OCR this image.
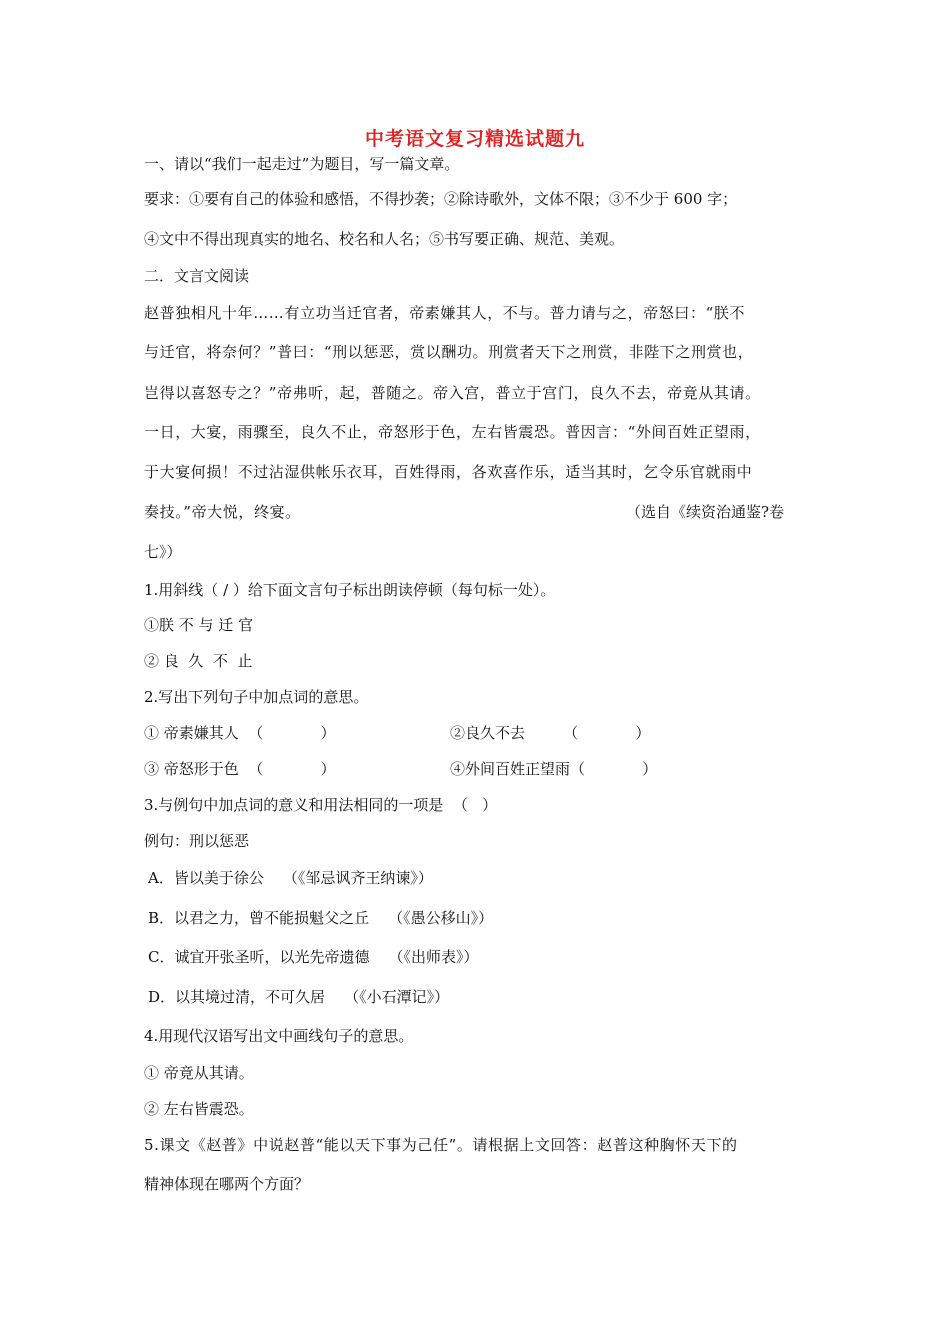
中考语文复习精选试题九
一、请以“我们一起走过”为题目，写一篇文章。
要求：①要有自己的体验和感悟，不得抄袭；②除诗歌外，文体不限；③不少于 600 字；
④文中不得出现真实的地名、校名和人名；⑤书写要正确、规范、美观。
二．文言文阅读
赵普独相凡十年……有立功当迁官者，帝素嫌其人，不与。普力请与之，帝怒曰：“朕不
与迁官，将奈何？”普曰：“刑以惩恶，赏以酬功。刑赏者天下之刑赏，非陛下之刑赏也，
岂得以喜怒专之？”帝弗听，起，普随之。帝入宫，普立于宫门，良久不去，帝竟从其请。
一日，大宴，雨骤至，良久不止，帝怒形于色，左右皆震恐。普因言：“外间百姓正望雨，
于大宴何损！不过沾湿供帐乐衣耳，百姓得雨，各欢喜作乐，适当其时，乞令乐官就雨中
奏技。”帝大悦，终宴。	（选自《续资治通鉴?卷
七》）
1.用斜线（ / ）给下面文言句子标出朗读停顿（每句标一处）。
①朕 不 与 迁 官
② 良  久  不  止
2.写出下列句子中加点词的意思。
① 帝素嫌其人  （            ）	②良久不去        （            ）
③ 帝怒形于色  （            ）	④外间百姓正望雨（            ）
3.与例句中加点词的意义和用法相同的一项是  （   ）
例句：刑以惩恶
A．皆以美于徐公    （《邹忌讽齐王纳谏》）
B．以君之力，曾不能损魁父之丘    （《愚公移山》）
C．诚宜开张圣听，以光先帝遗德    （《出师表》）
D．以其境过清，不可久居    （《小石潭记》）
4.用现代汉语写出文中画线句子的意思。
① 帝竟从其请。
② 左右皆震恐。
5.课文《赵普》中说赵普“能以天下事为己任”。请根据上文回答：赵普这种胸怀天下的
精神体现在哪两个方面？
